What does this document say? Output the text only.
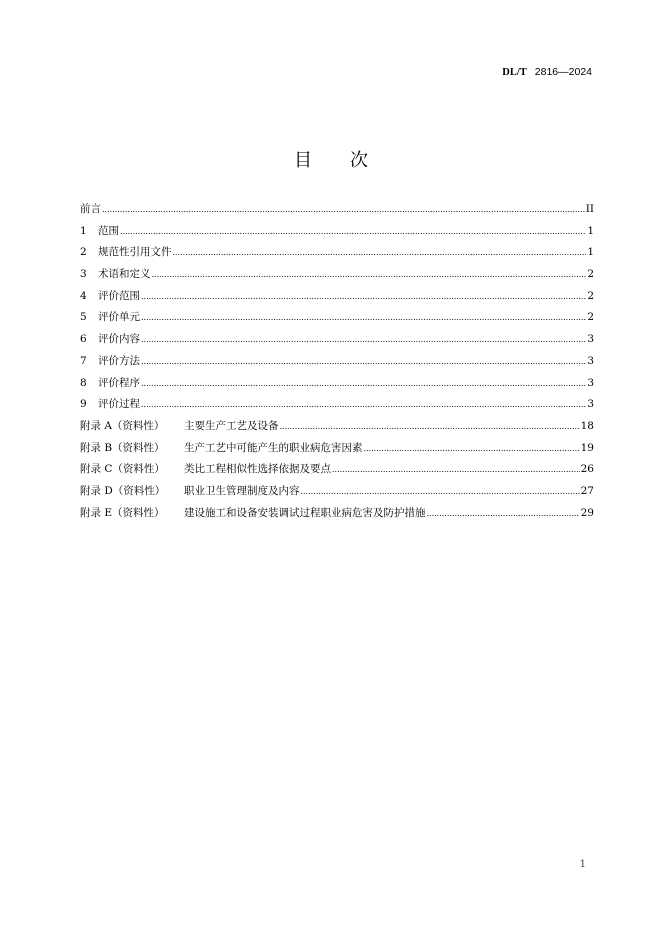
DL/T 2816—2024
目 次
前言 .....	II
1	范围 .....	1
2	规范性引用文件 .....	1
3	术语和定义 .....	2
4	评价范围 .....	2
5	评价单元 .....	2
6	评价内容 .....	3
7	评价方法 .....	3
8	评价程序 .....	3
9	评价过程 .....	3
附录 A（资料性）	主要生产工艺及设备 .....	18
附录 B（资料性）	生产工艺中可能产生的职业病危害因素 .....	19
附录 C（资料性）	类比工程相似性选择依据及要点 .....	26
附录 D（资料性）	职业卫生管理制度及内容 .....	27
附录 E（资料性）	建设施工和设备安装调试过程职业病危害及防护措施 .....	29
1
